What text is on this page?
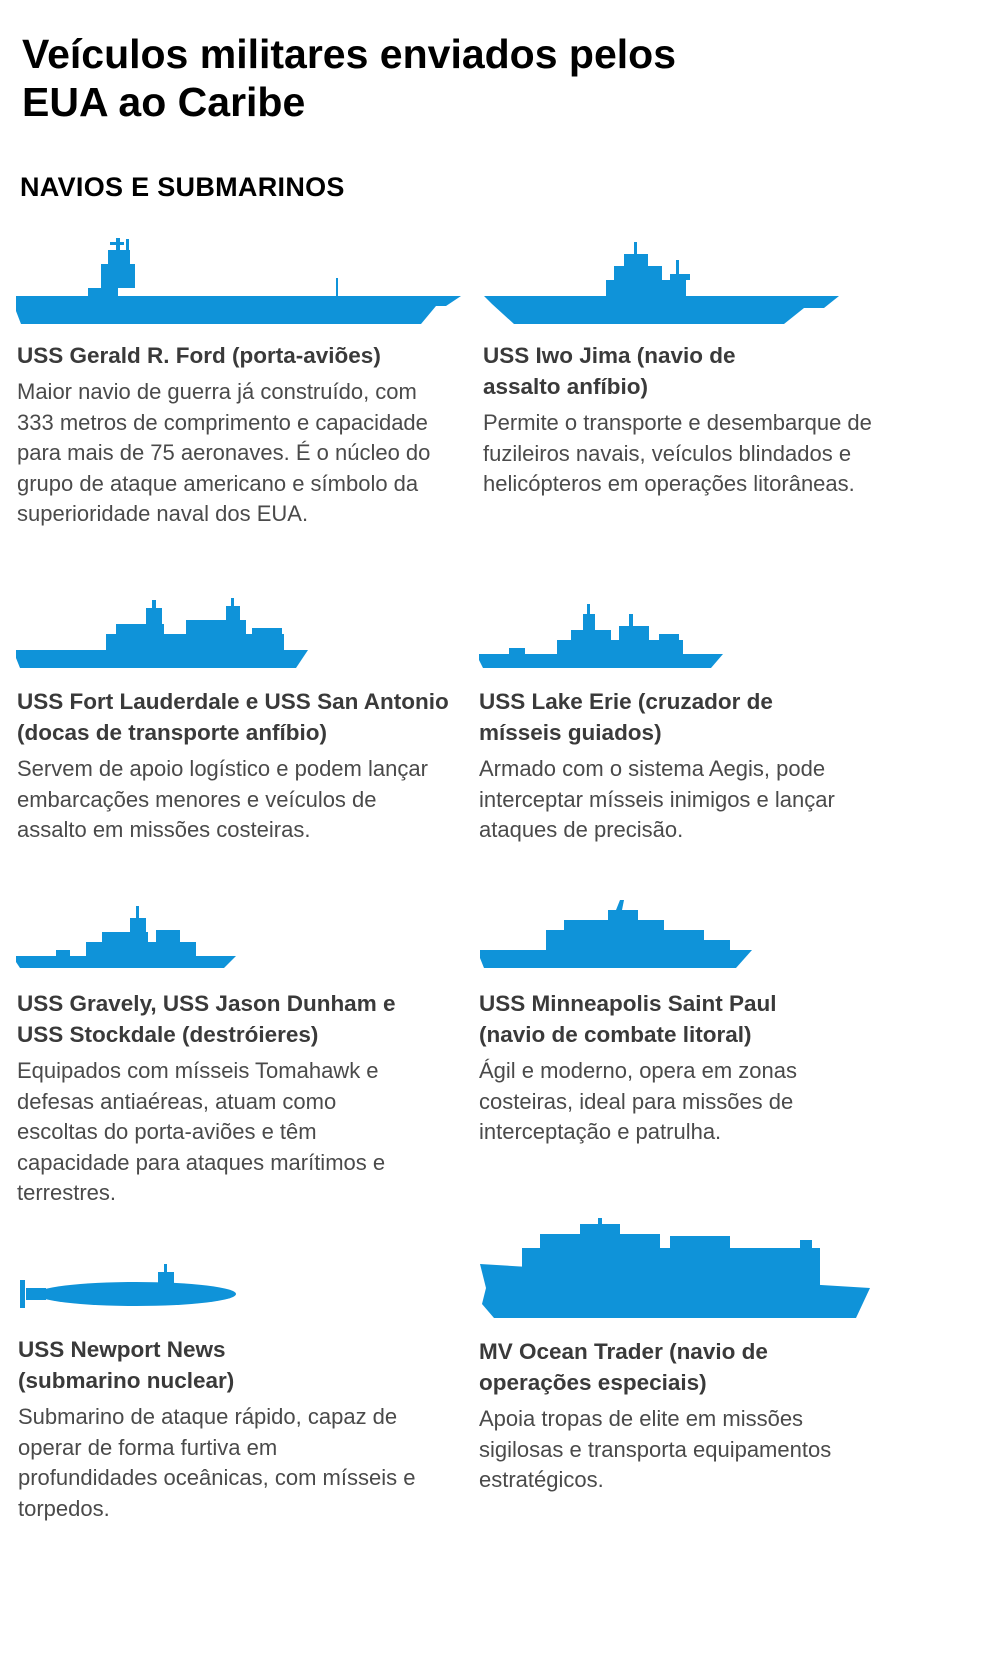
Veículos militares enviados pelos EUA ao Caribe
NAVIOS E SUBMARINOS
USS Gerald R. Ford (porta-aviões)

Maior navio de guerra já construído, com 333 metros de comprimento e capacidade para mais de 75 aeronaves. É o núcleo do grupo de ataque americano e símbolo da superioridade naval dos EUA.

USS Iwo Jima (navio de assalto anfíbio)

Permite o transporte e desembarque de fuzileiros navais, veículos blindados e helicópteros em operações litorâneas.

USS Fort Lauderdale e USS San Antonio (docas de transporte anfíbio)

Servem de apoio logístico e podem lançar embarcações menores e veículos de assalto em missões costeiras.

USS Lake Erie (cruzador de mísseis guiados)

Armado com o sistema Aegis, pode interceptar mísseis inimigos e lançar ataques de precisão.

USS Gravely, USS Jason Dunham e USS Stockdale (destróieres)

Equipados com mísseis Tomahawk e defesas antiaéreas, atuam como escoltas do porta-aviões e têm capacidade para ataques marítimos e terrestres.

USS Minneapolis Saint Paul (navio de combate litoral)

Ágil e moderno, opera em zonas costeiras, ideal para missões de interceptação e patrulha.

USS Newport News (submarino nuclear)

Submarino de ataque rápido, capaz de operar de forma furtiva em profundidades oceânicas, com mísseis e torpedos.

MV Ocean Trader (navio de operações especiais)

Apoia tropas de elite em missões sigilosas e transporta equipamentos estratégicos.
